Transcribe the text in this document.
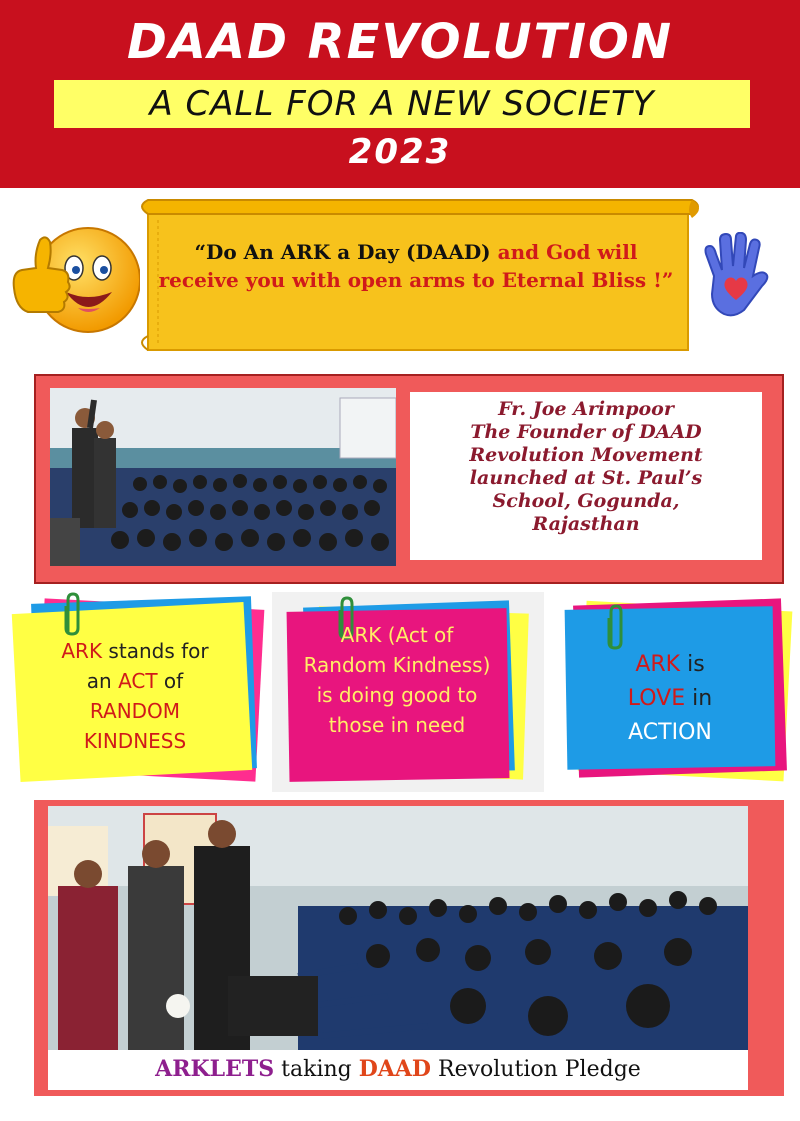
DAAD REVOLUTION
A CALL FOR A NEW SOCIETY
2023
“Do An ARK a Day (DAAD) and God will receive you with open arms to Eternal Bliss !”
Fr. Joe Arimpoor
The Founder of DAAD
Revolution Movement
launched at St. Paul’s
School, Gogunda,
Rajasthan
ARK stands for
an ACT of
RANDOM
KINDNESS
ARK (Act of
Random Kindness)
is doing good to
those in need
ARK is
LOVE in
ACTION
ARKLETS taking DAAD Revolution Pledge
